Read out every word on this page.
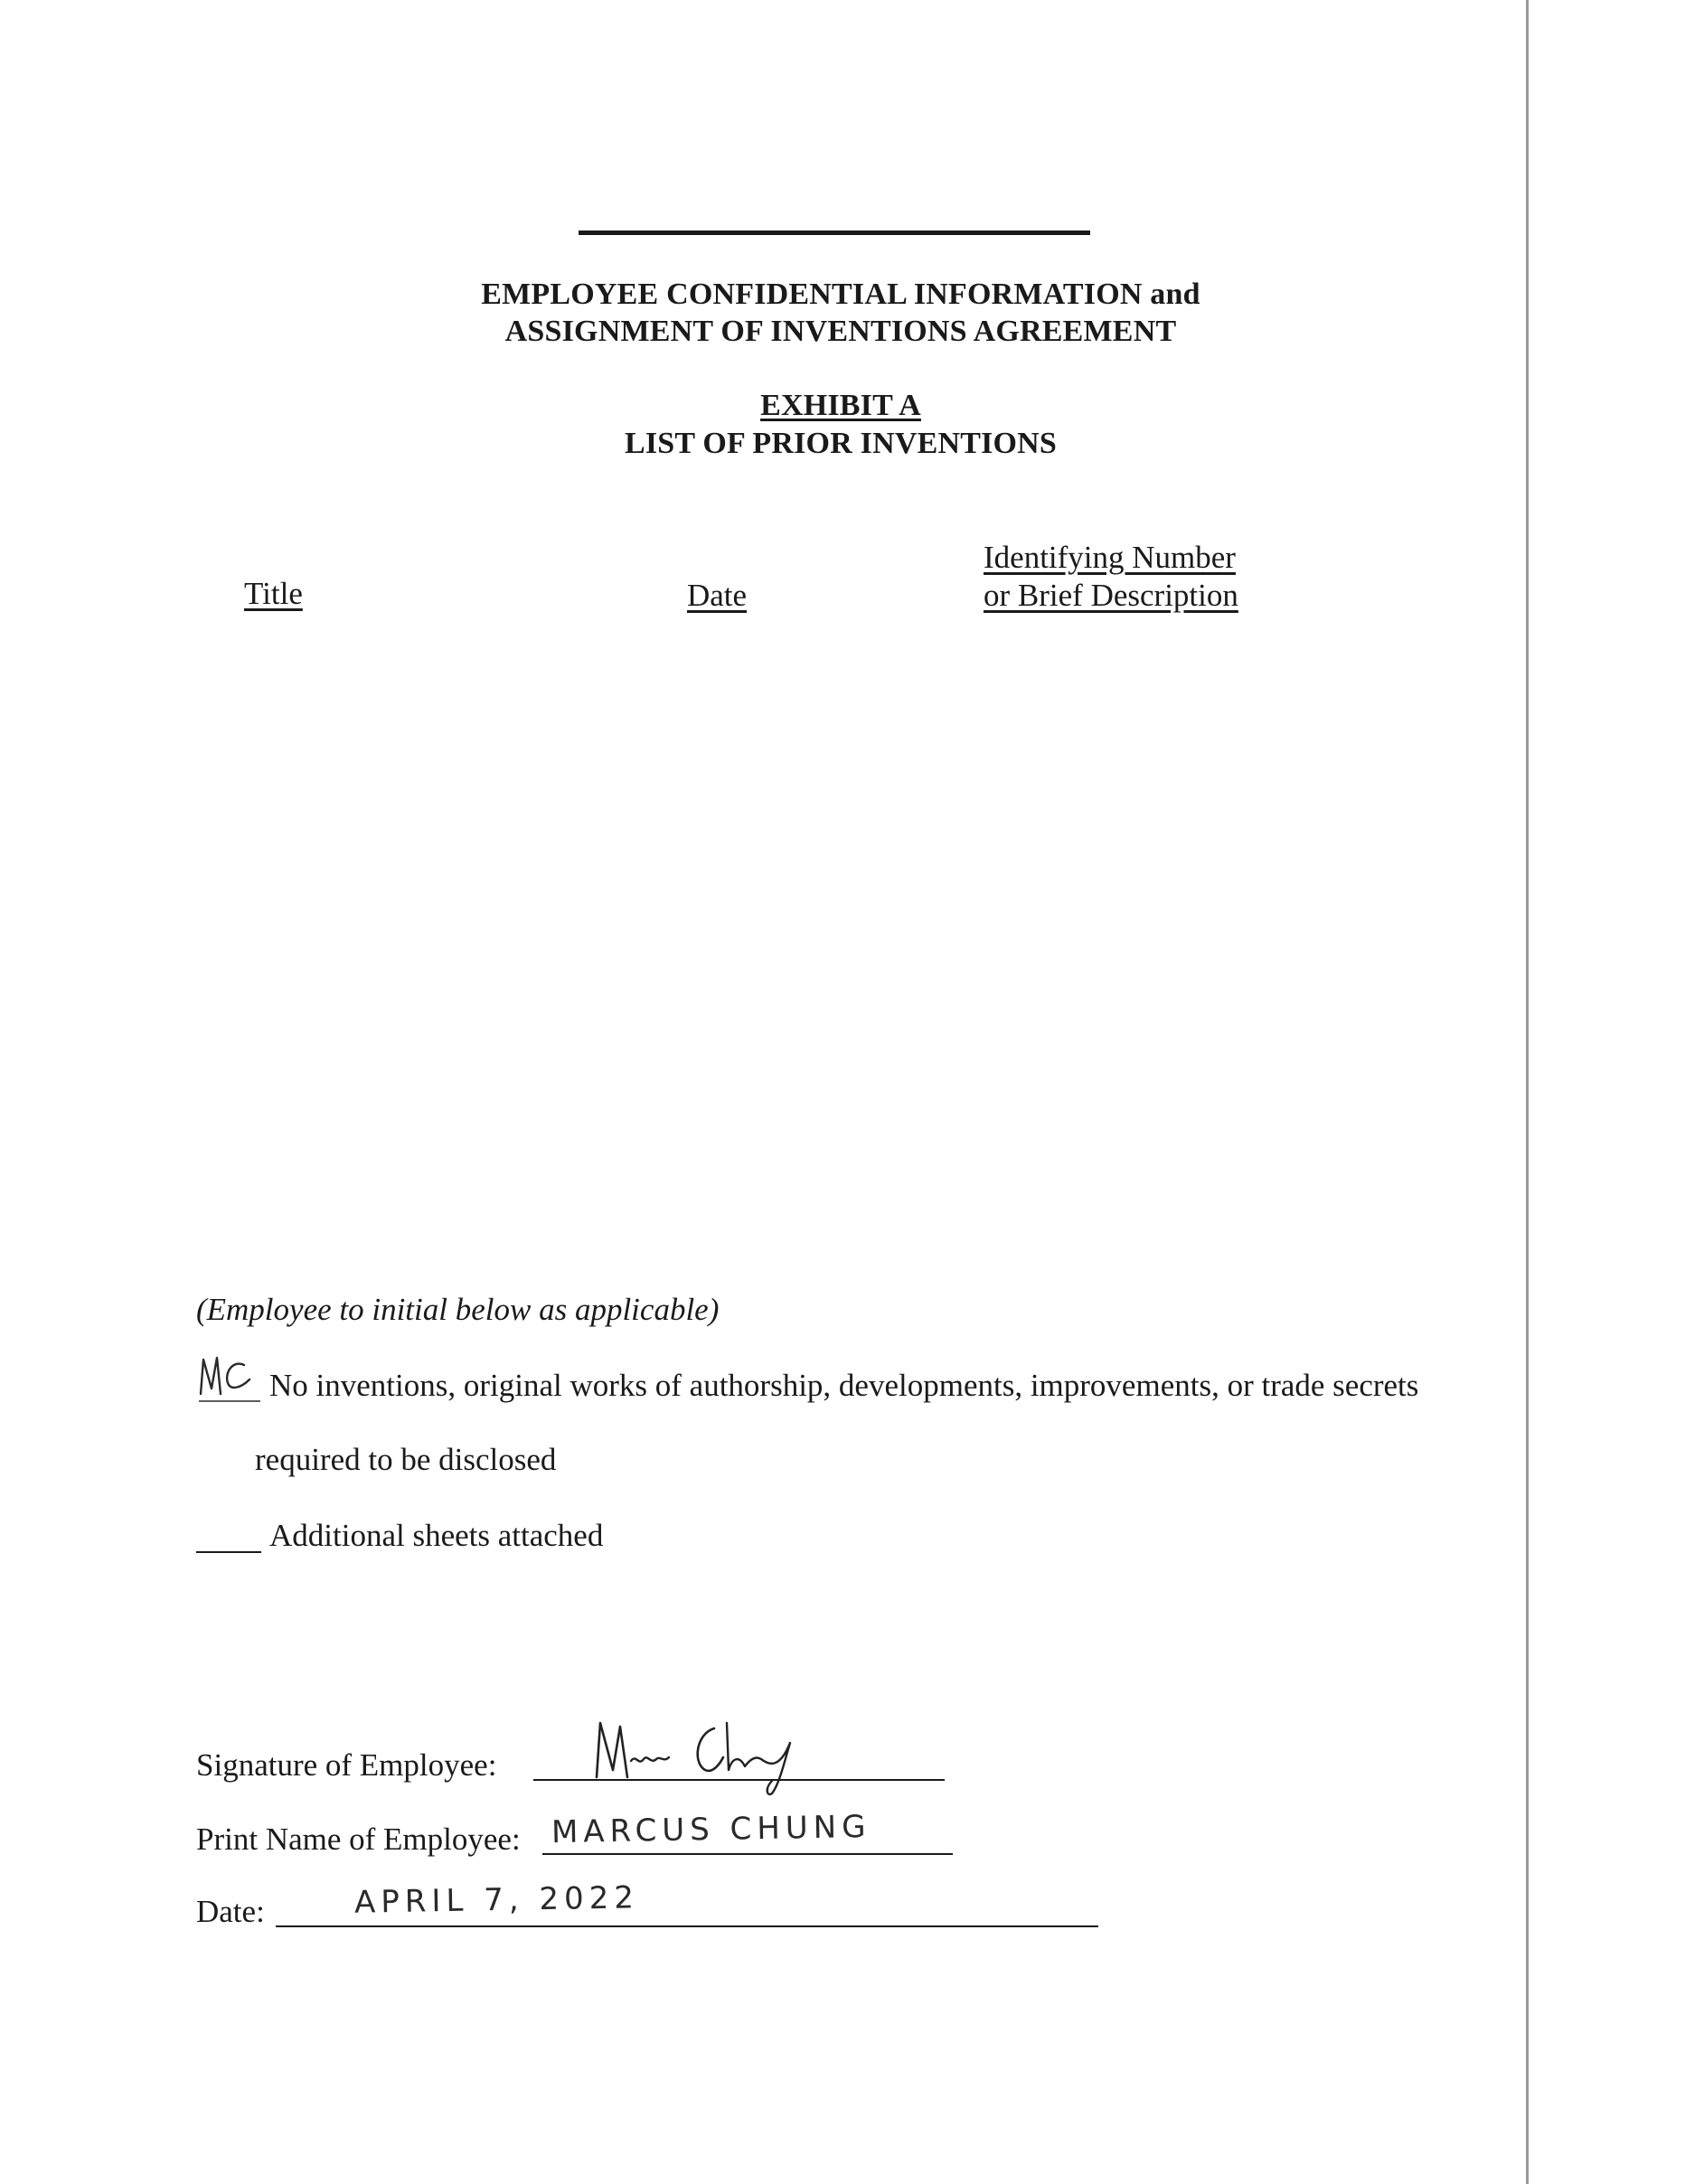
EMPLOYEE CONFIDENTIAL INFORMATION and
ASSIGNMENT OF INVENTIONS AGREEMENT
EXHIBIT A
LIST OF PRIOR INVENTIONS
Title	Date
Identifying Number
or Brief Description
(Employee to initial below as applicable)
No inventions, original works of authorship, developments, improvements, or trade secrets
required to be disclosed
Additional sheets attached
Signature of Employee:
Print Name of Employee: MARCUS CHUNG
Date:	APRIL 7, 2022
